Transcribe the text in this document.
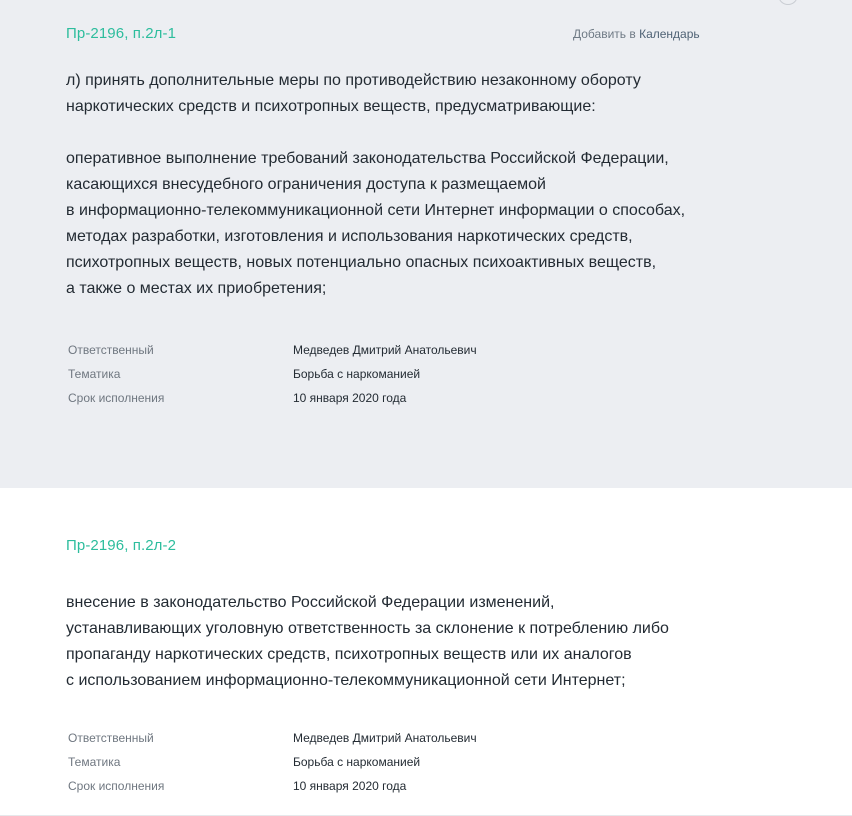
Пр-2196, п.2л-1	Добавить в Календарь
л) принять дополнительные меры по противодействию незаконному обороту
наркотических средств и психотропных веществ, предусматривающие:

оперативное выполнение требований законодательства Российской Федерации,
касающихся внесудебного ограничения доступа к размещаемой
в информационно-телекоммуникационной сети Интернет информации о способах,
методах разработки, изготовления и использования наркотических средств,
психотропных веществ, новых потенциально опасных психоактивных веществ,
а также о местах их приобретения;
Ответственный	Медведев Дмитрий Анатольевич
Тематика	Борьба с наркоманией
Срок исполнения	10 января 2020 года
Пр-2196, п.2л-2
внесение в законодательство Российской Федерации изменений,
устанавливающих уголовную ответственность за склонение к потреблению либо
пропаганду наркотических средств, психотропных веществ или их аналогов
с использованием информационно-телекоммуникационной сети Интернет;
Ответственный	Медведев Дмитрий Анатольевич
Тематика	Борьба с наркоманией
Срок исполнения	10 января 2020 года
